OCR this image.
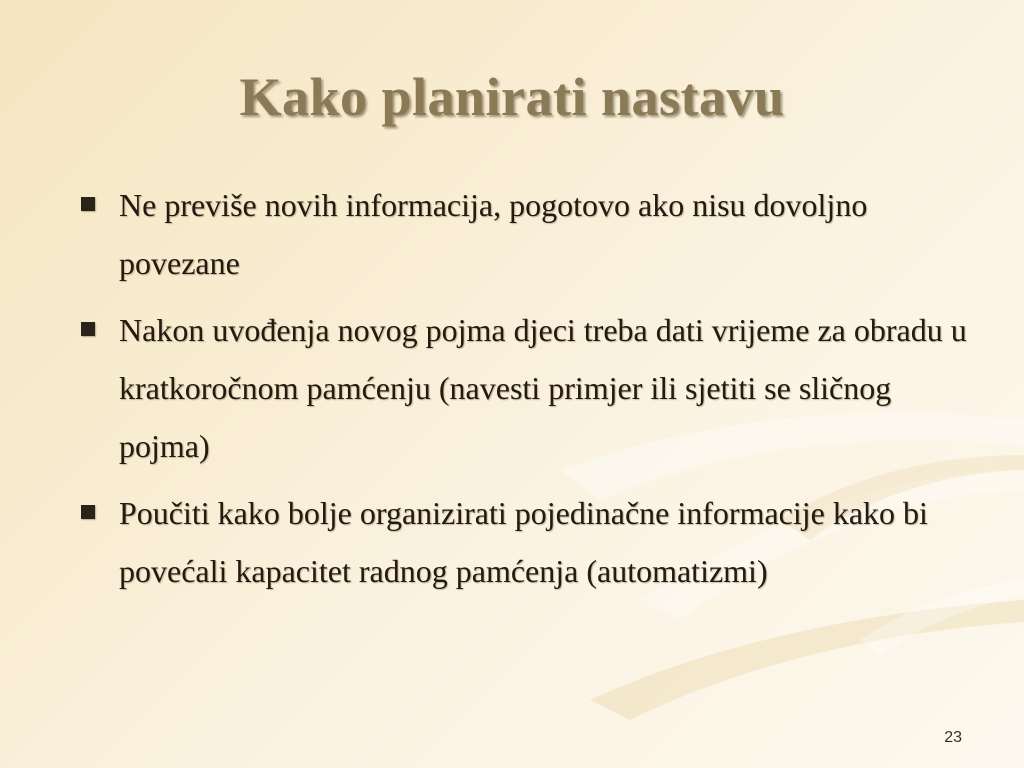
Kako planirati nastavu
Ne previše novih informacija, pogotovo ako nisu dovoljno povezane
Nakon uvođenja novog pojma djeci treba dati vrijeme za obradu u kratkoročnom pamćenju (navesti primjer ili sjetiti se sličnog pojma)
Poučiti kako bolje organizirati pojedinačne informacije kako bi povećali kapacitet radnog pamćenja (automatizmi)
23
